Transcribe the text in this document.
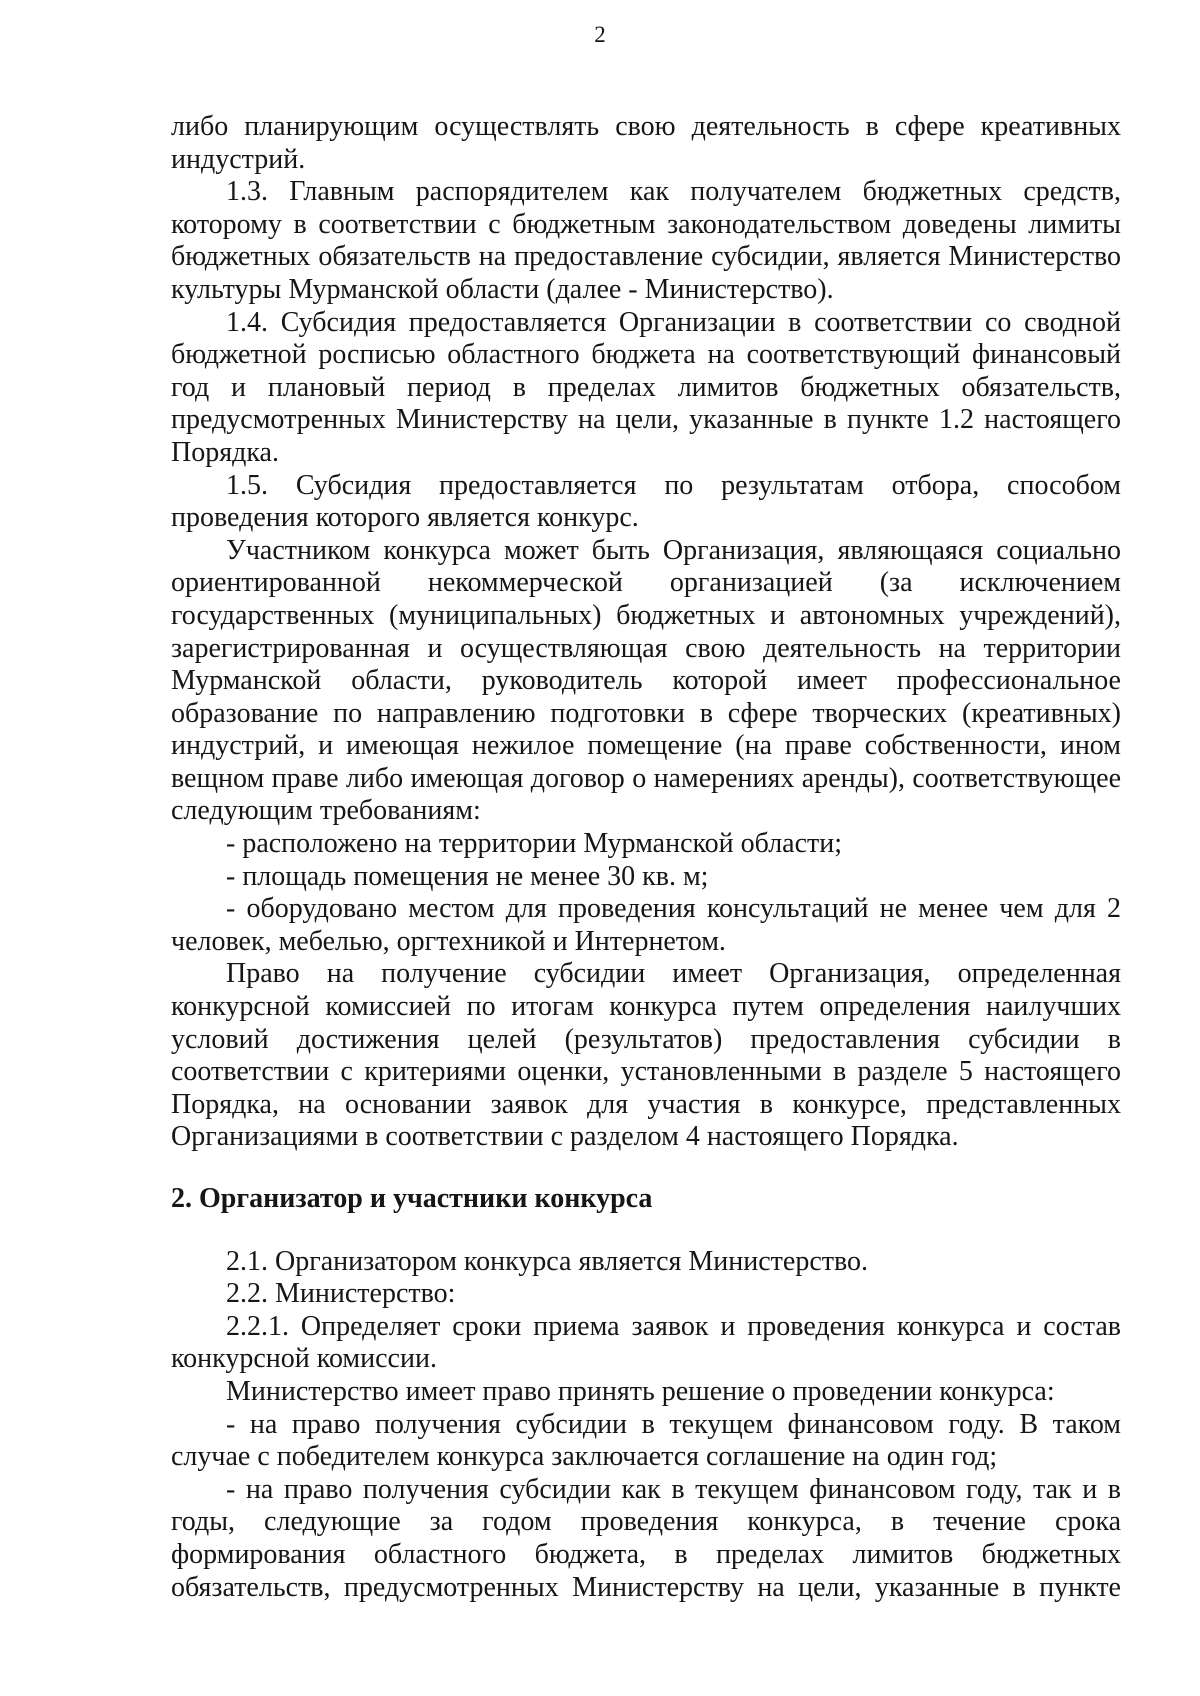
2

либо планирующим осуществлять свою деятельность в сфере креативных индустрий.

1.3. Главным распорядителем как получателем бюджетных средств, которому в соответствии с бюджетным законодательством доведены лимиты бюджетных обязательств на предоставление субсидии, является Министерство культуры Мурманской области (далее - Министерство).

1.4. Субсидия предоставляется Организации в соответствии со сводной бюджетной росписью областного бюджета на соответствующий финансовый год и плановый период в пределах лимитов бюджетных обязательств, предусмотренных Министерству на цели, указанные в пункте 1.2 настоящего Порядка.

1.5. Субсидия предоставляется по результатам отбора, способом проведения которого является конкурс.

Участником конкурса может быть Организация, являющаяся социально ориентированной некоммерческой организацией (за исключением государственных (муниципальных) бюджетных и автономных учреждений), зарегистрированная и осуществляющая свою деятельность на территории Мурманской области, руководитель которой имеет профессиональное образование по направлению подготовки в сфере творческих (креативных) индустрий, и имеющая нежилое помещение (на праве собственности, ином вещном праве либо имеющая договор о намерениях аренды), соответствующее следующим требованиям:

- расположено на территории Мурманской области;

- площадь помещения не менее 30 кв. м;

- оборудовано местом для проведения консультаций не менее чем для 2 человек, мебелью, оргтехникой и Интернетом.

Право на получение субсидии имеет Организация, определенная конкурсной комиссией по итогам конкурса путем определения наилучших условий достижения целей (результатов) предоставления субсидии в соответствии с критериями оценки, установленными в разделе 5 настоящего Порядка, на основании заявок для участия в конкурсе, представленных Организациями в соответствии с разделом 4 настоящего Порядка.

2. Организатор и участники конкурса

2.1. Организатором конкурса является Министерство.

2.2. Министерство:

2.2.1. Определяет сроки приема заявок и проведения конкурса и состав конкурсной комиссии.

Министерство имеет право принять решение о проведении конкурса:

- на право получения субсидии в текущем финансовом году. В таком случае с победителем конкурса заключается соглашение на один год;

- на право получения субсидии как в текущем финансовом году, так и в годы, следующие за годом проведения конкурса, в течение срока формирования областного бюджета, в пределах лимитов бюджетных обязательств, предусмотренных Министерству на цели, указанные в пункте
